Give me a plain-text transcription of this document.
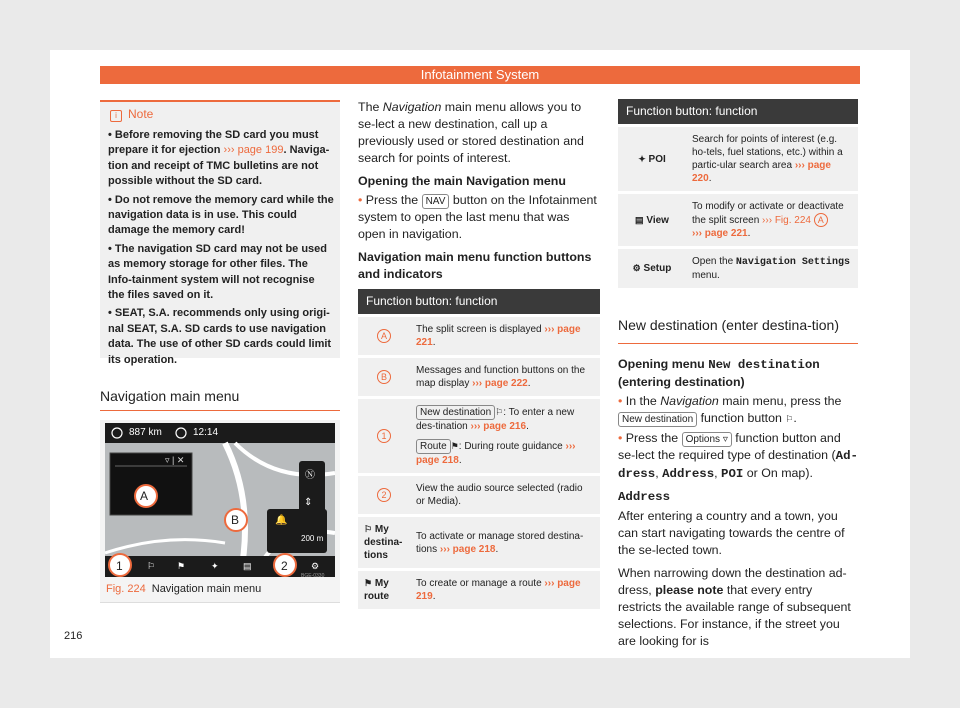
Infotainment System
i Note

• Before removing the SD card you must prepare it for ejection ››› page 199. Naviga-tion and receipt of TMC bulletins are not possible without the SD card.

• Do not remove the memory card while the navigation data is in use. This could damage the memory card!

• The navigation SD card may not be used as memory storage for other files. The Info-tainment system will not recognise the files saved on it.

• SEAT, S.A. recommends only using origi-nal SEAT, S.A. SD cards to use navigation data. The use of other SD cards could limit its operation.

Navigation main menu
887 km	12:14
▿ | ✕
Ⓝ
⇕
🔔
200 m
A
B
1	2
⚐ ⚑	✦	▤	⚙
BGE-0330
Fig. 224 Navigation main menu

The Navigation main menu allows you to se-lect a new destination, call up a previously used or stored destination and search for points of interest.

Opening the main Navigation menu

• Press the NAV button on the Infotainment system to open the last menu that was open in navigation.

Navigation main menu function buttons and indicators

Function button: function	
A	The split screen is displayed ››› page 221.
B	Messages and function buttons on the map display ››› page 222.
1	New destination ⚐: To enter a new des-tination ››› page 216.
Route ⚑: During route guidance ››› page 218.

2	View the audio source selected (radio or Media).
⚐ My destina-tions	To activate or manage stored destina-tions ››› page 218.
⚑ My route	To create or manage a route ››› page 219.
Function button: function	
✦ POI	Search for points of interest (e.g. ho-tels, fuel stations, etc.) within a partic-ular search area ››› page 220.
▤ View	To modify or activate or deactivate the split screen ››› Fig. 224 A
››› page 221.
⚙ Setup	Open the Navigation Settings menu.
New destination (enter destina-tion)

Opening menu New destination (entering destination)

• In the Navigation main menu, press the New destination function button ⚐.

• Press the Options ▿ function button and se-lect the required type of destination (Ad-dress, Address, POI or On map).

Address

After entering a country and a town, you can start navigating towards the centre of the se-lected town.

When narrowing down the destination ad-dress, please note that every entry restricts the available range of subsequent selections. For instance, if the street you are looking for is

216
